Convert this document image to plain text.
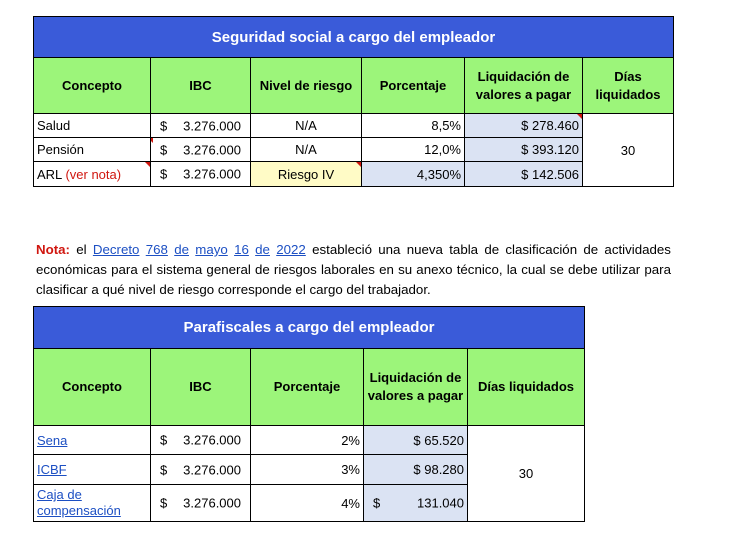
Seguridad social a cargo del empleador					
Concepto	IBC	Nivel de riesgo	Porcentaje	Liquidación de valores a pagar	Días liquidados
Salud	$ 3.276.000	N/A	8,5%	$ 278.460	30
Pensión	$ 3.276.000	N/A	12,0%	$ 393.120	
ARL (ver nota)	$ 3.276.000	Riesgo IV	4,350%	$ 142.506	
Nota: el Decreto 768 de mayo 16 de 2022 estableció una nueva tabla de clasificación de actividades económicas para el sistema general de riesgos laborales en su anexo técnico, la cual se debe utilizar para clasificar a qué nivel de riesgo corresponde el cargo del trabajador.
Parafiscales a cargo del empleador				
Concepto	IBC	Porcentaje	Liquidación de valores a pagar	Días liquidados
Sena	$ 3.276.000	2%	$ 65.520	30
ICBF	$ 3.276.000	3%	$ 98.280	
Caja de compensación	$ 3.276.000	4%	$ 131.040	
